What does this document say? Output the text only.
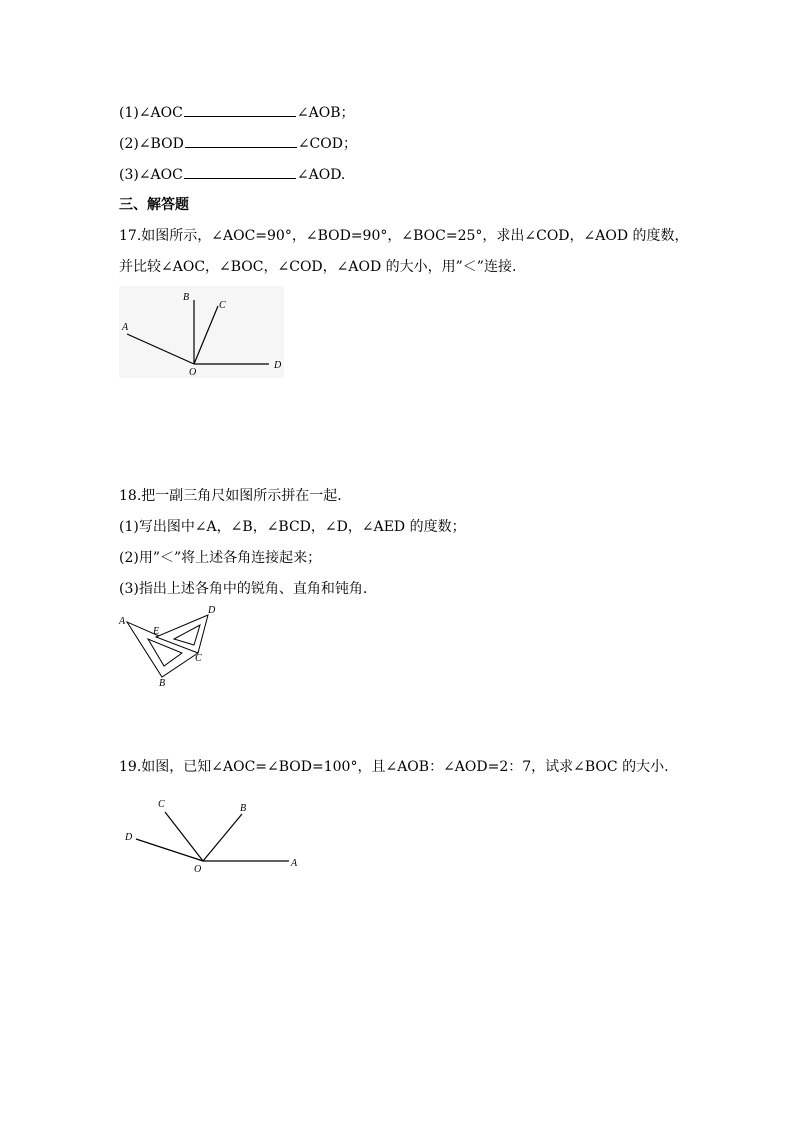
(1)∠AOC	∠AOB；
(2)∠BOD	∠COD；
(3)∠AOC	∠AOD.
三、解答题
17.如图所示，∠AOC=90°，∠BOD=90°，∠BOC=25°，求出∠COD，∠AOD 的度数，
并比较∠AOC，∠BOC，∠COD，∠AOD 的大小，用”＜”连接.
A
B
C
O
D
18.把一副三角尺如图所示拼在一起.
(1)写出图中∠A，∠B，∠BCD，∠D，∠AED 的度数；
(2)用”＜”将上述各角连接起来；
(3)指出上述各角中的锐角、直角和钝角.
A
D
E
C
B
19.如图，已知∠AOC=∠BOD=100°，且∠AOB：∠AOD=2：7，试求∠BOC 的大小.
C	B
D
O
A
